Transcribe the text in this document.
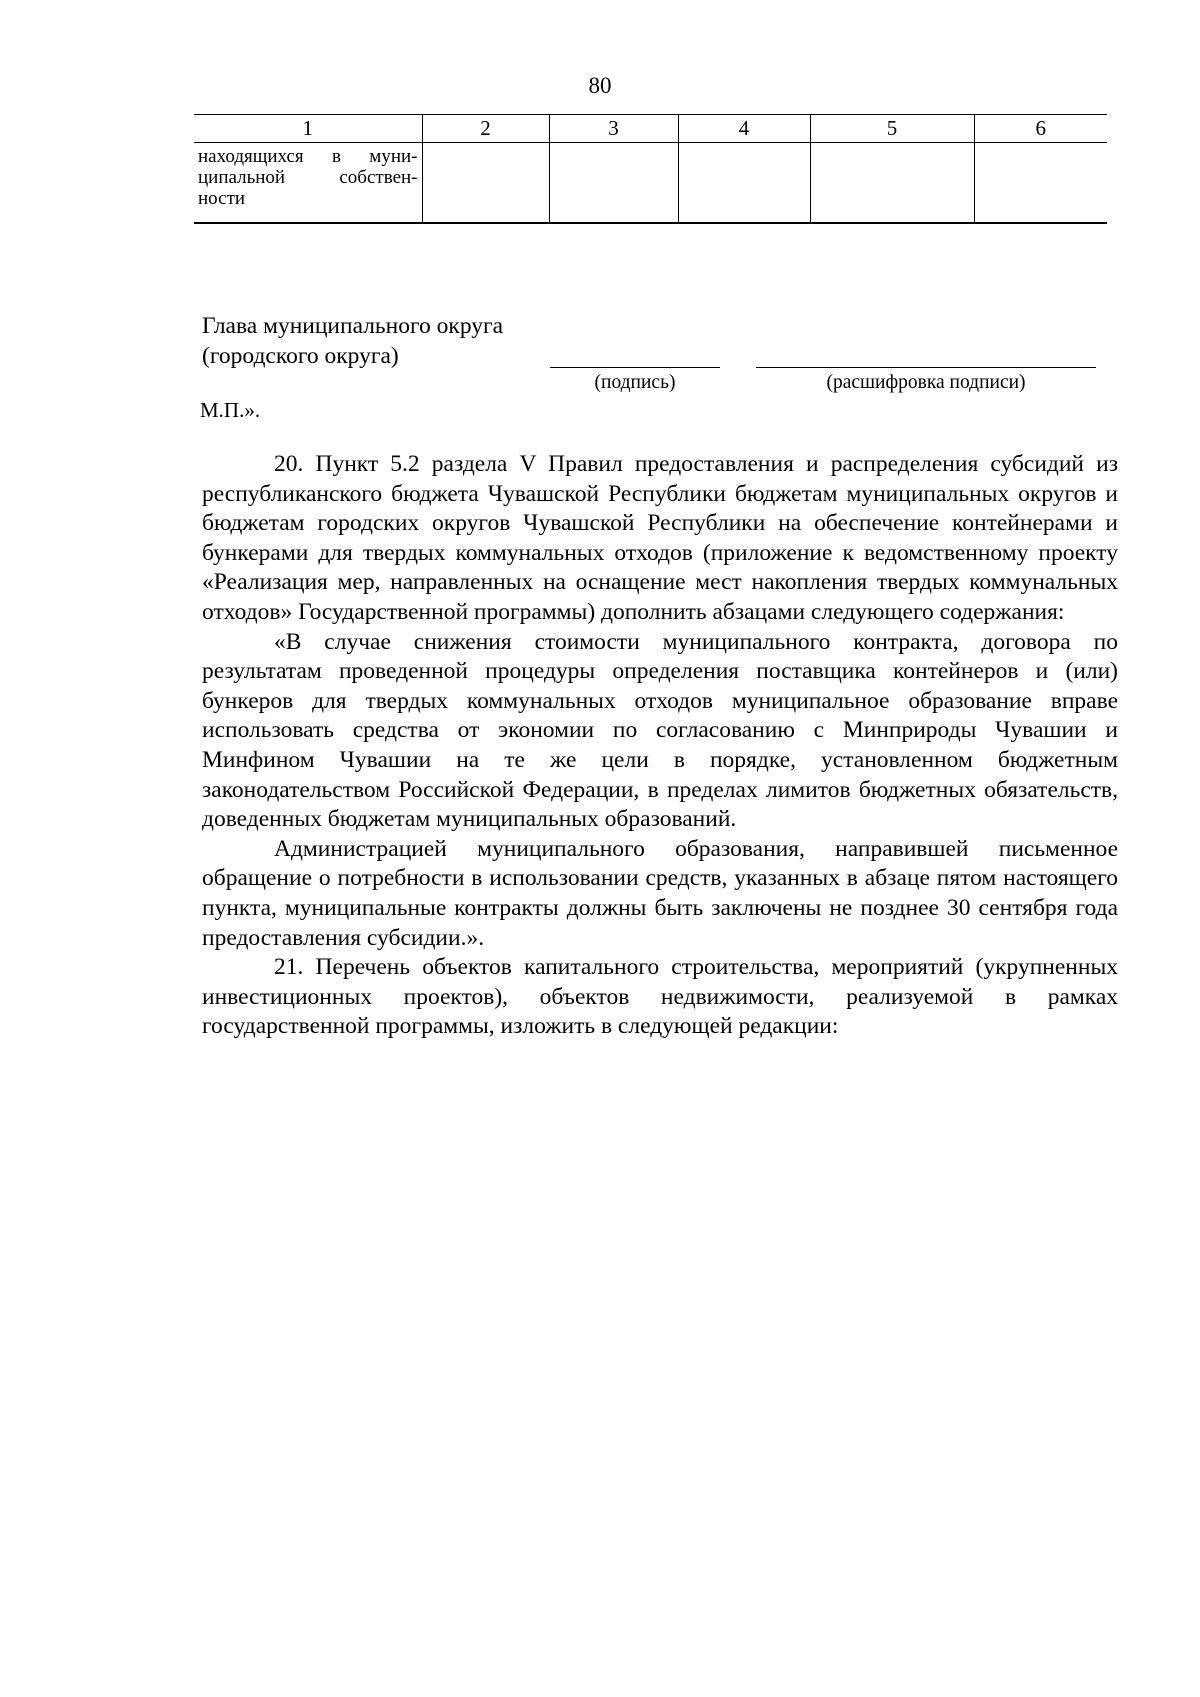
80
1	2	3	4	5	6

находящихся в муни-
ципальной собствен-
ности					

Глава муниципального округа
(городского округа)
(подпись)	(расшифровка подписи)
М.П.».

20. Пункт 5.2 раздела V Правил предоставления и распределения субсидий из республиканского бюджета Чувашской Республики бюджетам муниципальных округов и бюджетам городских округов Чувашской Республики на обеспечение контейнерами и бункерами для твердых коммунальных отходов (приложение к ведомственному проекту «Реализация мер, направленных на оснащение мест накопления твердых коммунальных отходов» Государственной программы) дополнить абзацами следующего содержания:

«В случае снижения стоимости муниципального контракта, договора по результатам проведенной процедуры определения поставщика контейнеров и (или) бункеров для твердых коммунальных отходов муниципальное образование вправе использовать средства от экономии по согласованию с Минприроды Чувашии и Минфином Чувашии на те же цели в порядке, установленном бюджетным законодательством Российской Федерации, в пределах лимитов бюджетных обязательств, доведенных бюджетам муниципальных образований.

Администрацией муниципального образования, направившей письменное обращение о потребности в использовании средств, указанных в абзаце пятом настоящего пункта, муниципальные контракты должны быть заключены не позднее 30 сентября года предоставления субсидии.».

21. Перечень объектов капитального строительства, мероприятий (укрупненных инвестиционных проектов), объектов недвижимости, реализуемой в рамках государственной программы, изложить в следующей редакции:
